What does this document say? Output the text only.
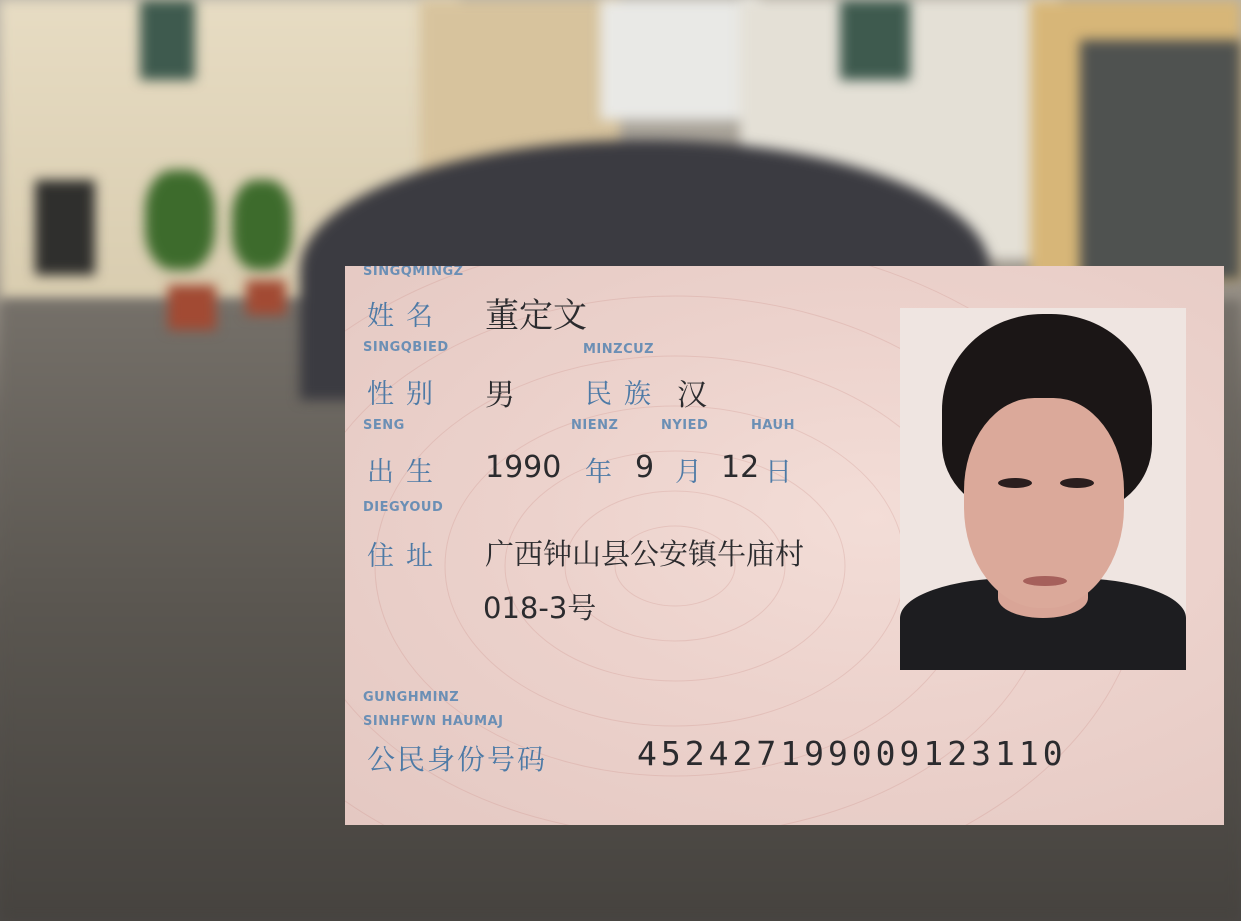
SINGQMINGZ
姓名 董定文
SINGQBIED	MINZCUZ
性别 男	民族 汉
SENG	NIENZ	NYIED	HAUH
出生 1990 年 9 月 12 日
DIEGYOUD
住址 广西钟山县公安镇牛庙村
018-3号
GUNGHMINZ
SINHFWN HAUMAJ
公民身份号码	452427199009123110
